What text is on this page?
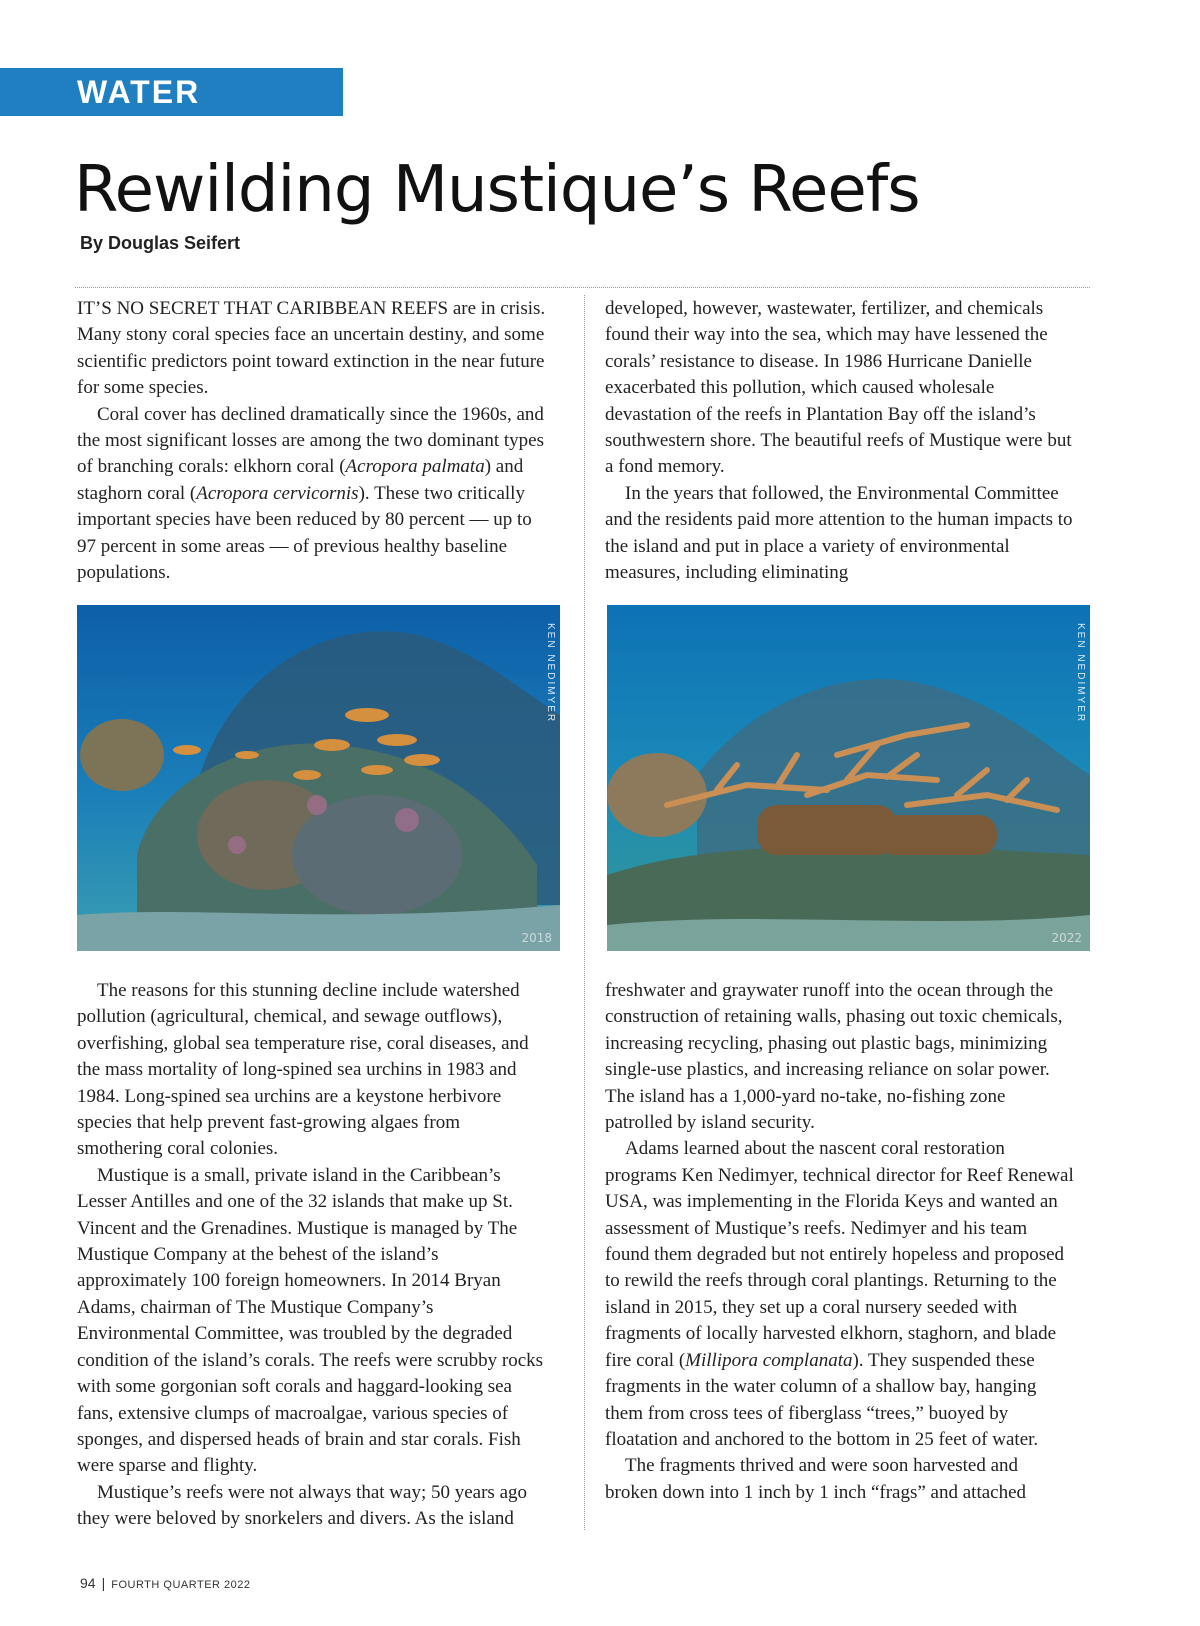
WATER PLANET
Rewilding Mustique’s Reefs
By Douglas Seifert

IT’S NO SECRET THAT CARIBBEAN REEFS are in crisis. Many stony coral species face an uncertain destiny, and some scientific predictors point toward extinction in the near future for some species.

Coral cover has declined dramatically since the 1960s, and the most significant losses are among the two dominant types of branching corals: elkhorn coral (Acropora palmata) and staghorn coral (Acropora cervicornis). These two critically important species have been reduced by 80 percent — up to 97 percent in some areas — of previous healthy baseline populations.

developed, however, wastewater, fertilizer, and chemicals found their way into the sea, which may have lessened the corals’ resistance to disease. In 1986 Hurricane Danielle exacerbated this pollution, which caused wholesale devastation of the reefs in Plantation Bay off the island’s southwestern shore. The beautiful reefs of Mustique were but a fond memory.

In the years that followed, the Environmental Committee and the residents paid more attention to the human impacts to the island and put in place a variety of environmental measures, including eliminating

KEN NEDIMYER
2018
KEN NEDIMYER
2022

The reasons for this stunning decline include watershed pollution (agricultural, chemical, and sewage outflows), overfishing, global sea temperature rise, coral diseases, and the mass mortality of long-spined sea urchins in 1983 and 1984. Long-spined sea urchins are a keystone herbivore species that help prevent fast-growing algaes from smothering coral colonies.

Mustique is a small, private island in the Caribbean’s Lesser Antilles and one of the 32 islands that make up St. Vincent and the Grenadines. Mustique is managed by The Mustique Company at the behest of the island’s approximately 100 foreign homeowners. In 2014 Bryan Adams, chairman of The Mustique Company’s Environmental Committee, was troubled by the degraded condition of the island’s corals. The reefs were scrubby rocks with some gorgonian soft corals and haggard-looking sea fans, extensive clumps of macroalgae, various species of sponges, and dispersed heads of brain and star corals. Fish were sparse and flighty.

Mustique’s reefs were not always that way; 50 years ago they were beloved by snorkelers and divers. As the island

freshwater and graywater runoff into the ocean through the construction of retaining walls, phasing out toxic chemicals, increasing recycling, phasing out plastic bags, minimizing single-use plastics, and increasing reliance on solar power. The island has a 1,000-yard no-take, no-fishing zone patrolled by island security.

Adams learned about the nascent coral restoration programs Ken Nedimyer, technical director for Reef Renewal USA, was implementing in the Florida Keys and wanted an assessment of Mustique’s reefs. Nedimyer and his team found them degraded but not entirely hopeless and proposed to rewild the reefs through coral plantings. Returning to the island in 2015, they set up a coral nursery seeded with fragments of locally harvested elkhorn, staghorn, and blade fire coral (Millipora complanata). They suspended these fragments in the water column of a shallow bay, hanging them from cross tees of fiberglass “trees,” buoyed by floatation and anchored to the bottom in 25 feet of water.

The fragments thrived and were soon harvested and broken down into 1 inch by 1 inch “frags” and attached

94 | FOURTH QUARTER 2022
